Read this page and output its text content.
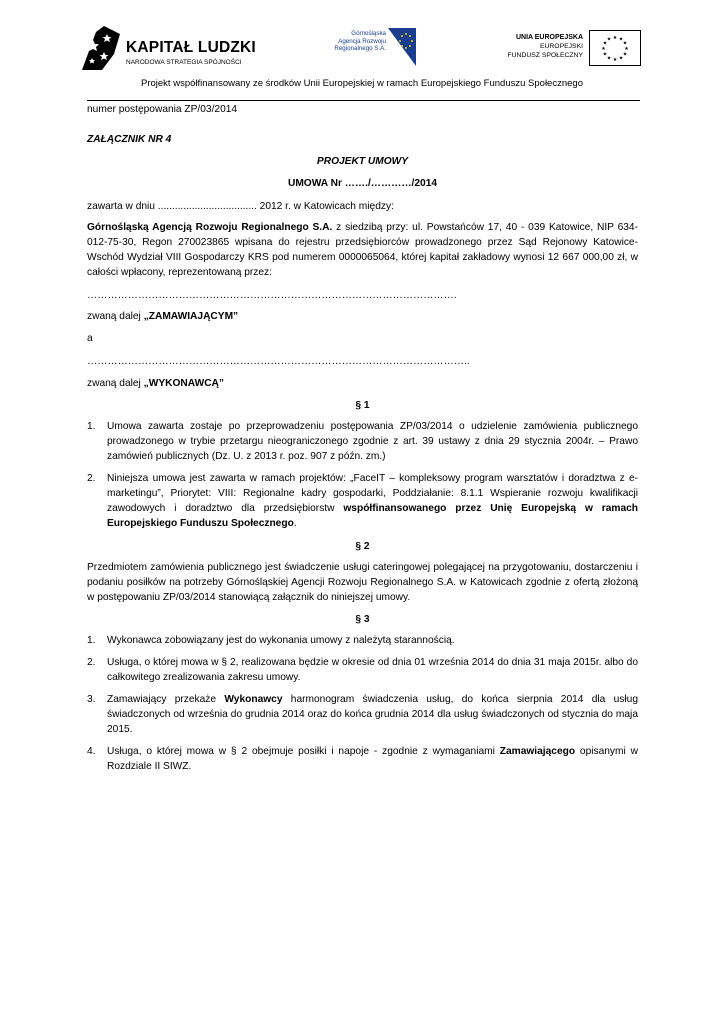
KAPITAŁ LUDZKI
NARODOWA STRATEGIA SPÓJNOŚCI
Górnośląska
Agencja Rozwoju
Regionalnego S.A.
UNIA EUROPEJSKA
EUROPEJSKI
FUNDUSZ SPOŁECZNY
★ ★
★
★
★
★
★
★
★
★
★
★
Projekt współfinansowany ze środków Unii Europejskiej w ramach Europejskiego Funduszu Społecznego
numer postępowania ZP/03/2014
ZAŁĄCZNIK NR 4
PROJEKT UMOWY
UMOWA Nr ……./…………/2014
zawarta w dniu ................................... 2012 r. w Katowicach między:
Górnośląską Agencją Rozwoju Regionalnego S.A. z siedzibą przy: ul. Powstańców 17, 40 - 039 Katowice, NIP 634-012-75-30, Regon 270023865 wpisana do rejestru przedsiębiorców prowadzonego przez Sąd Rejonowy Katowice-Wschód Wydział VIII Gospodarczy KRS pod numerem 0000065064, której kapitał zakładowy wynosi 12 667 000,00 zł, w całości wpłacony, reprezentowaną przez:
……………………………………………………………………………………………….
zwaną dalej „ZAMAWIAJĄCYM”
a
…………………………………………………………………………………………………..
zwaną dalej „WYKONAWCĄ”
§ 1
1.	Umowa zawarta zostaje po przeprowadzeniu postępowania ZP/03/2014 o udzielenie zamówienia publicznego prowadzonego w trybie przetargu nieograniczonego zgodnie z art. 39 ustawy z dnia 29 stycznia 2004r. – Prawo zamówień publicznych (Dz. U. z 2013 r. poz. 907 z późn. zm.)
2.	Niniejsza umowa jest zawarta w ramach projektów: „FaceIT – kompleksowy program warsztatów i doradztwa z e-marketingu”, Priorytet: VIII: Regionalne kadry gospodarki, Poddziałanie: 8.1.1 Wspieranie rozwoju kwalifikacji zawodowych i doradztwo dla przedsiębiorstw współfinansowanego przez Unię Europejską w ramach Europejskiego Funduszu Społecznego.
§ 2
Przedmiotem zamówienia publicznego jest świadczenie usługi cateringowej polegającej na przygotowaniu, dostarczeniu i podaniu posiłków na potrzeby Górnośląskiej Agencji Rozwoju Regionalnego S.A. w Katowicach zgodnie z ofertą złożoną w postępowaniu ZP/03/2014 stanowiącą załącznik do niniejszej umowy.
§ 3
1.	Wykonawca zobowiązany jest do wykonania umowy z należytą starannością.
2.	Usługa, o której mowa w § 2, realizowana będzie w okresie od dnia 01 września 2014 do dnia 31 maja 2015r. albo do całkowitego zrealizowania zakresu umowy.
3.	Zamawiający przekaże Wykonawcy harmonogram świadczenia usług, do końca sierpnia 2014 dla usług świadczonych od września do grudnia 2014 oraz do końca grudnia 2014 dla usług świadczonych od stycznia do maja 2015.
4.	Usługa, o której mowa w § 2 obejmuje posiłki i napoje - zgodnie z wymaganiami Zamawiającego opisanymi w Rozdziale II SIWZ.
